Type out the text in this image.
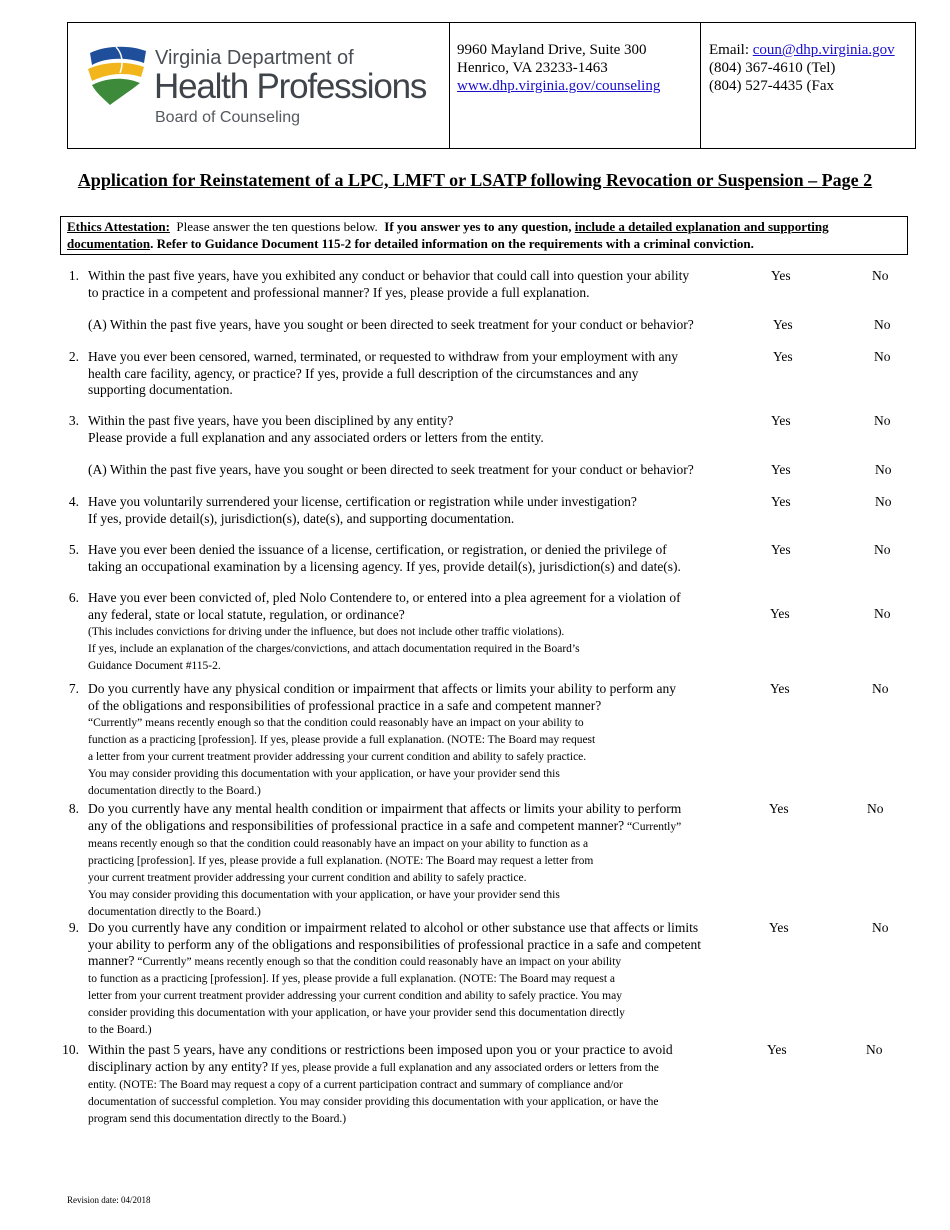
Virginia Department of
Health Professions
Board of Counseling
9960 Mayland Drive, Suite 300
Henrico, VA 23233-1463
www.dhp.virginia.gov/counseling
Email: coun@dhp.virginia.gov
(804) 367-4610 (Tel)
(804) 527-4435 (Fax
Application for Reinstatement of a LPC, LMFT or LSATP following Revocation or Suspension – Page 2
Ethics Attestation:  Please answer the ten questions below.  If you answer yes to any question, include a detailed explanation and supporting documentation. Refer to Guidance Document 115-2 for detailed information on the requirements with a criminal conviction.
1. Within the past five years, have you exhibited any conduct or behavior that could call into question your ability
to practice in a competent and professional manner? If yes, please provide a full explanation.
Yes	No
(A) Within the past five years, have you sought or been directed to seek treatment for your conduct or behavior?	Yes	No
2. Have you ever been censored, warned, terminated, or requested to withdraw from your employment with any
health care facility, agency, or practice? If yes, provide a full description of the circumstances and any
supporting documentation.
Yes	No
3. Within the past five years, have you been disciplined by any entity?
Please provide a full explanation and any associated orders or letters from the entity.
Yes	No
(A) Within the past five years, have you sought or been directed to seek treatment for your conduct or behavior?	Yes	No
4. Have you voluntarily surrendered your license, certification or registration while under investigation?
If yes, provide detail(s), jurisdiction(s), date(s), and supporting documentation.
Yes	No
5. Have you ever been denied the issuance of a license, certification, or registration, or denied the privilege of
taking an occupational examination by a licensing agency. If yes, provide detail(s), jurisdiction(s) and date(s).
Yes	No
6. Have you ever been convicted of, pled Nolo Contendere to, or entered into a plea agreement for a violation of
any federal, state or local statute, regulation, or ordinance?
(This includes convictions for driving under the influence, but does not include other traffic violations).
If yes, include an explanation of the charges/convictions, and attach documentation required in the Board’s
Guidance Document #115-2.
Yes	No
7. Do you currently have any physical condition or impairment that affects or limits your ability to perform any
of the obligations and responsibilities of professional practice in a safe and competent manner?
“Currently” means recently enough so that the condition could reasonably have an impact on your ability to
function as a practicing [profession]. If yes, please provide a full explanation. (NOTE: The Board may request
a letter from your current treatment provider addressing your current condition and ability to safely practice.
You may consider providing this documentation with your application, or have your provider send this
documentation directly to the Board.)
Yes	No
8. Do you currently have any mental health condition or impairment that affects or limits your ability to perform
any of the obligations and responsibilities of professional practice in a safe and competent manner? “Currently”
means recently enough so that the condition could reasonably have an impact on your ability to function as a
practicing [profession]. If yes, please provide a full explanation. (NOTE: The Board may request a letter from
your current treatment provider addressing your current condition and ability to safely practice.
You may consider providing this documentation with your application, or have your provider send this
documentation directly to the Board.)
Yes	No
9. Do you currently have any condition or impairment related to alcohol or other substance use that affects or limits
your ability to perform any of the obligations and responsibilities of professional practice in a safe and competent
manner? “Currently” means recently enough so that the condition could reasonably have an impact on your ability
to function as a practicing [profession]. If yes, please provide a full explanation. (NOTE: The Board may request a
letter from your current treatment provider addressing your current condition and ability to safely practice. You may
consider providing this documentation with your application, or have your provider send this documentation directly
to the Board.)
Yes	No
10. Within the past 5 years, have any conditions or restrictions been imposed upon you or your practice to avoid
disciplinary action by any entity? If yes, please provide a full explanation and any associated orders or letters from the
entity. (NOTE: The Board may request a copy of a current participation contract and summary of compliance and/or
documentation of successful completion. You may consider providing this documentation with your application, or have the
program send this documentation directly to the Board.)
Yes	No
Revision date: 04/2018
